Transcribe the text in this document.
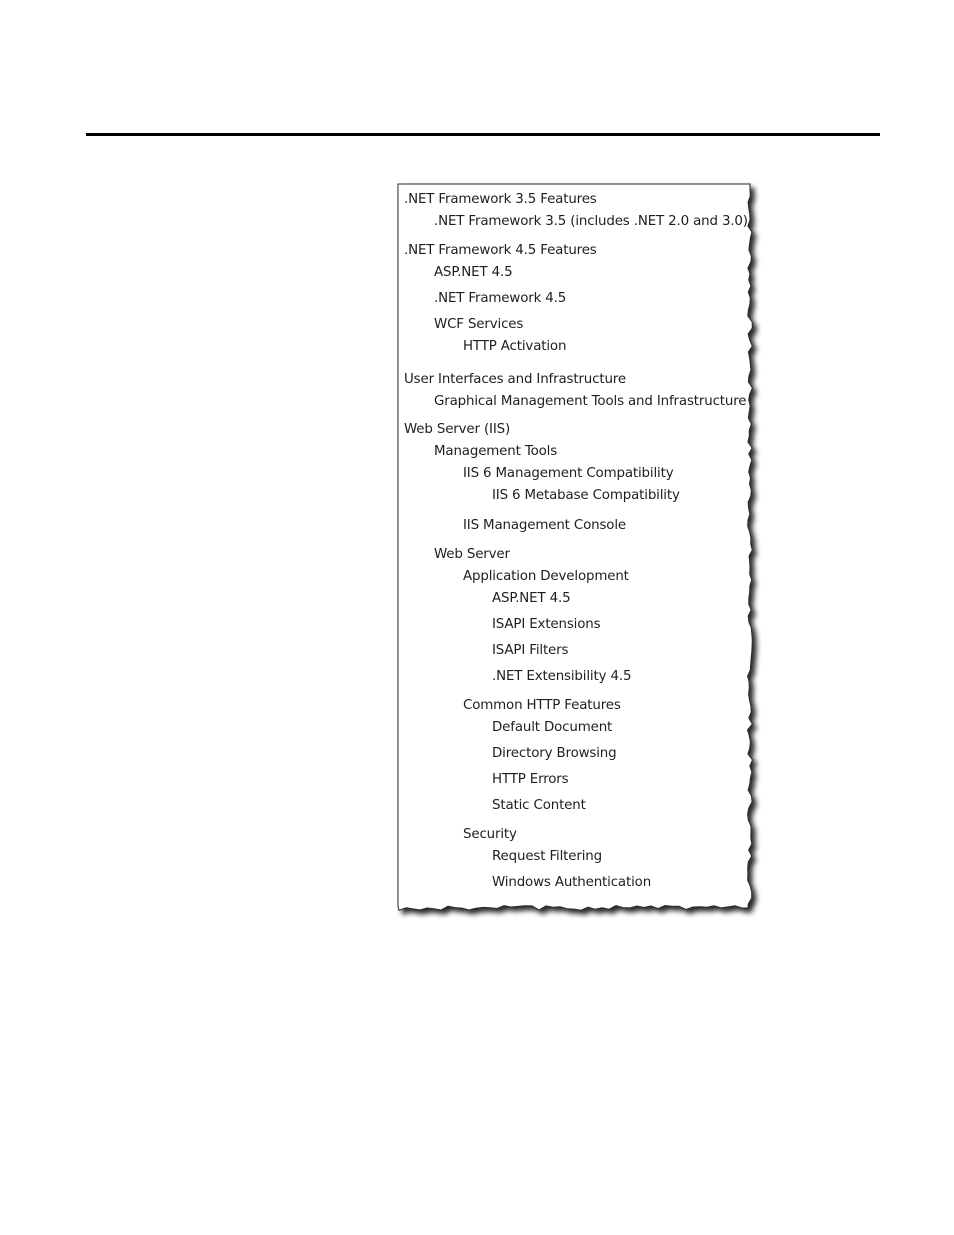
.NET Framework 3.5 Features
.NET Framework 3.5 (includes .NET 2.0 and 3.0)
.NET Framework 4.5 Features
ASP.NET 4.5
.NET Framework 4.5
WCF Services
HTTP Activation
User Interfaces and Infrastructure
Graphical Management Tools and Infrastructure
Web Server (IIS)
Management Tools
IIS 6 Management Compatibility
IIS 6 Metabase Compatibility
IIS Management Console
Web Server
Application Development
ASP.NET 4.5
ISAPI Extensions
ISAPI Filters
.NET Extensibility 4.5
Common HTTP Features
Default Document
Directory Browsing
HTTP Errors
Static Content
Security
Request Filtering
Windows Authentication
